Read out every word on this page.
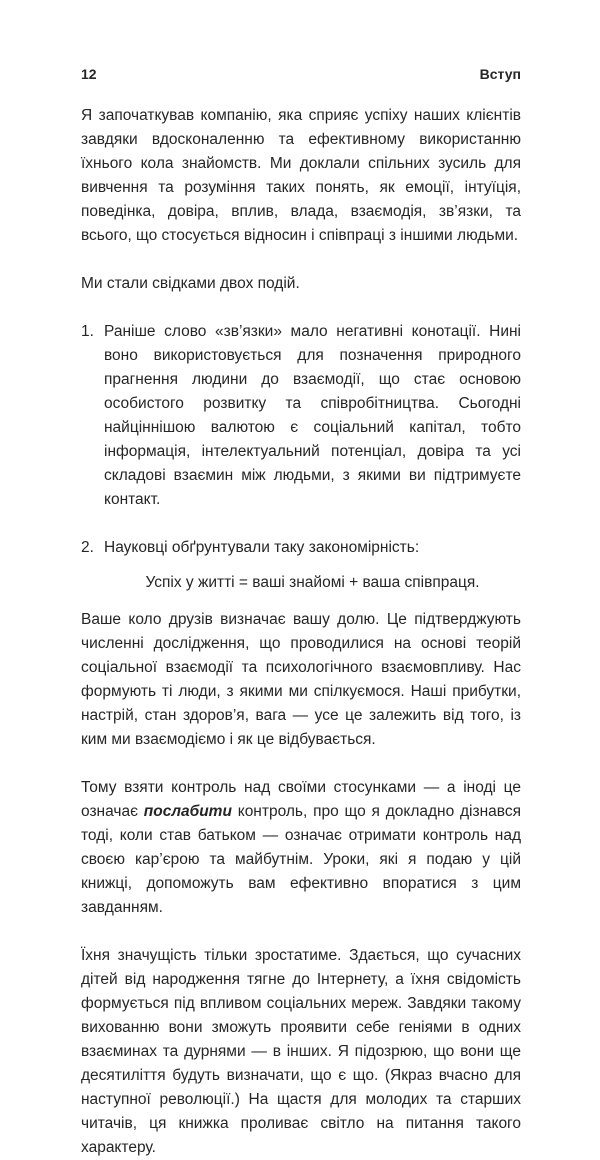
12	Вступ

Я започаткував компанію, яка сприяє успіху наших клієнтів завдяки вдосконаленню та ефективному використанню їхнього кола знайомств. Ми доклали спільних зусиль для вивчення та розуміння таких понять, як емоції, інтуїція, поведінка, довіра, вплив, влада, взаємодія, зв’язки, та всього, що стосується відносин і співпраці з іншими людьми.

Ми стали свідками двох подій.

1. Раніше слово «зв’язки» мало негативні конотації. Нині воно використовується для позначення природного прагнення людини до взаємодії, що стає основою особистого розвитку та співробітництва. Сьогодні найціннішою валютою є соціальний капітал, тобто інформація, інтелектуальний потенціал, довіра та усі складові взаємин між людьми, з якими ви підтримуєте контакт.
2. Науковці обґрунтували таку закономірність:
Успіх у житті = ваші знайомі + ваша співпраця.

Ваше коло друзів визначає вашу долю. Це підтверджують численні дослідження, що проводилися на основі теорій соціальної взаємодії та психологічного взаємовпливу. Нас формують ті люди, з якими ми спілкуємося. Наші прибутки, настрій, стан здоров’я, вага — усе це залежить від того, із ким ми взаємодіємо і як це відбувається.

Тому взяти контроль над своїми стосунками — а іноді це означає послабити контроль, про що я докладно дізнався тоді, коли став батьком — означає отримати контроль над своєю кар’єрою та майбутнім. Уроки, які я подаю у цій книжці, допоможуть вам ефективно впоратися з цим завданням.

Їхня значущість тільки зростатиме. Здається, що сучасних дітей від народження тягне до Інтернету, а їхня свідомість формується під впливом соціальних мереж. Завдяки такому вихованню вони зможуть проявити себе геніями в одних взаєминах та дурнями — в інших. Я підозрюю, що вони ще десятиліття будуть визначати, що є що. (Якраз вчасно для наступної революції.) На щастя для молодих та старших читачів, ця книжка проливає світло на питання такого характеру.
